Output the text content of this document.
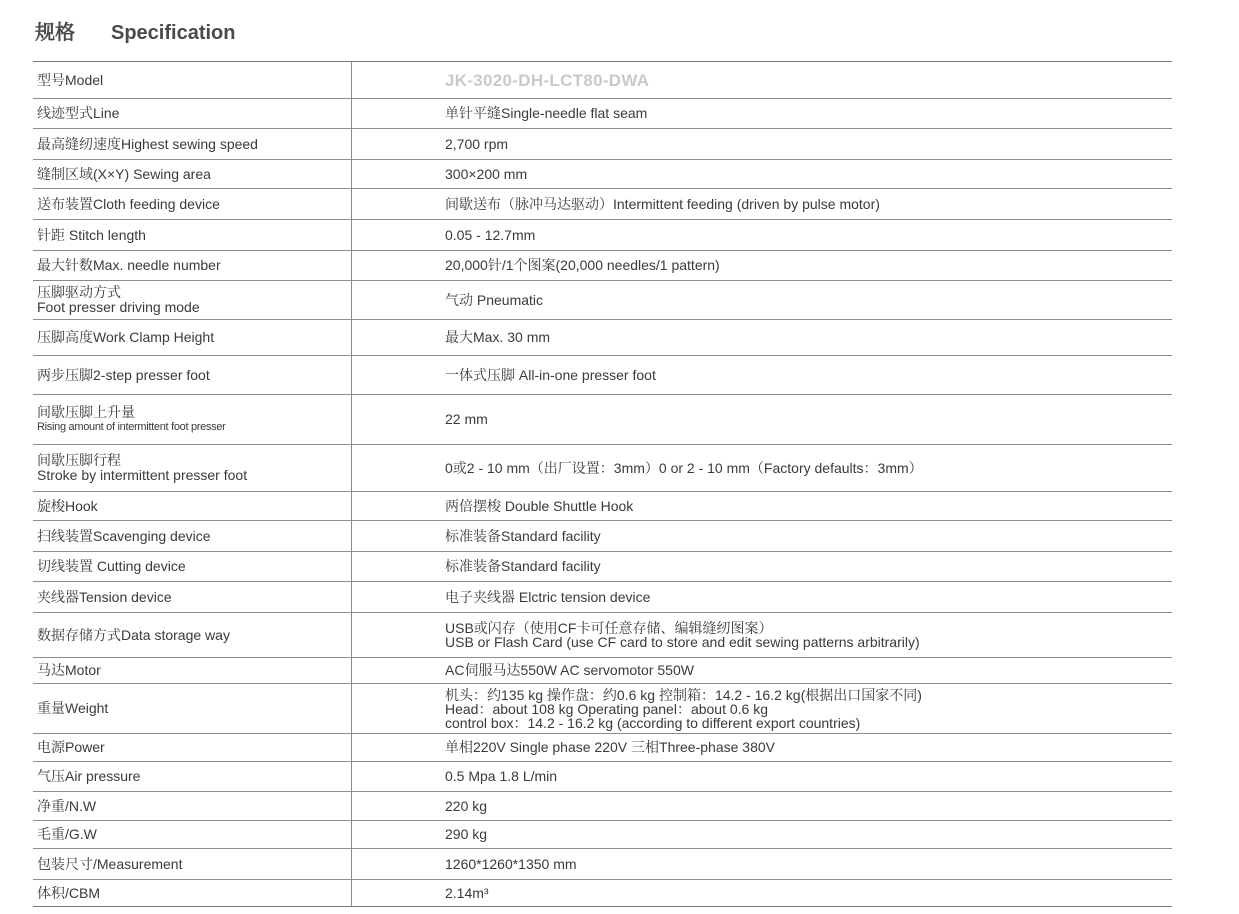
规格 Specification
型号Model	JK-3020-DH-LCT80-DWA

线迹型式Line	单针平缝Single-needle flat seam

最高缝纫速度Highest sewing speed	2,700 rpm

缝制区域(X×Y) Sewing area	300×200 mm

送布装置Cloth feeding device	间歇送布（脉冲马达驱动）Intermittent feeding (driven by pulse motor)

针距 Stitch length	0.05 - 12.7mm

最大针数Max. needle number	20,000针/1个图案(20,000 needles/1 pattern)

压脚驱动方式
Foot presser driving mode	气动 Pneumatic

压脚高度Work Clamp Height	最大Max. 30 mm

两步压脚2-step presser foot	一体式压脚 All-in-one presser foot

间歇压脚上升量
Rising amount of intermittent foot presser	22 mm

间歇压脚行程
Stroke by intermittent presser foot	0或2 - 10 mm（出厂设置：3mm）0 or 2 - 10 mm（Factory defaults：3mm）

旋梭Hook	两倍摆梭 Double Shuttle Hook

扫线装置Scavenging device	标准装备Standard facility

切线装置 Cutting device	标准装备Standard facility

夹线器Tension device	电子夹线器 Elctric tension device

数据存储方式Data storage way	USB或闪存（使用CF卡可任意存储、编辑缝纫图案）
USB or Flash Card (use CF card to store and edit sewing patterns arbitrarily)

马达Motor	AC伺服马达550W AC servomotor 550W

重量Weight	机头：约135 kg 操作盘：约0.6 kg 控制箱：14.2 - 16.2 kg(根据出口国家不同)
Head：about 108 kg Operating panel：about 0.6 kg
control box：14.2 - 16.2 kg (according to different export countries)

电源Power	单相220V Single phase 220V 三相Three-phase 380V

气压Air pressure	0.5 Mpa 1.8 L/min

净重/N.W	220 kg

毛重/G.W	290 kg

包装尺寸/Measurement	1260*1260*1350 mm

体积/CBM	2.14m³
